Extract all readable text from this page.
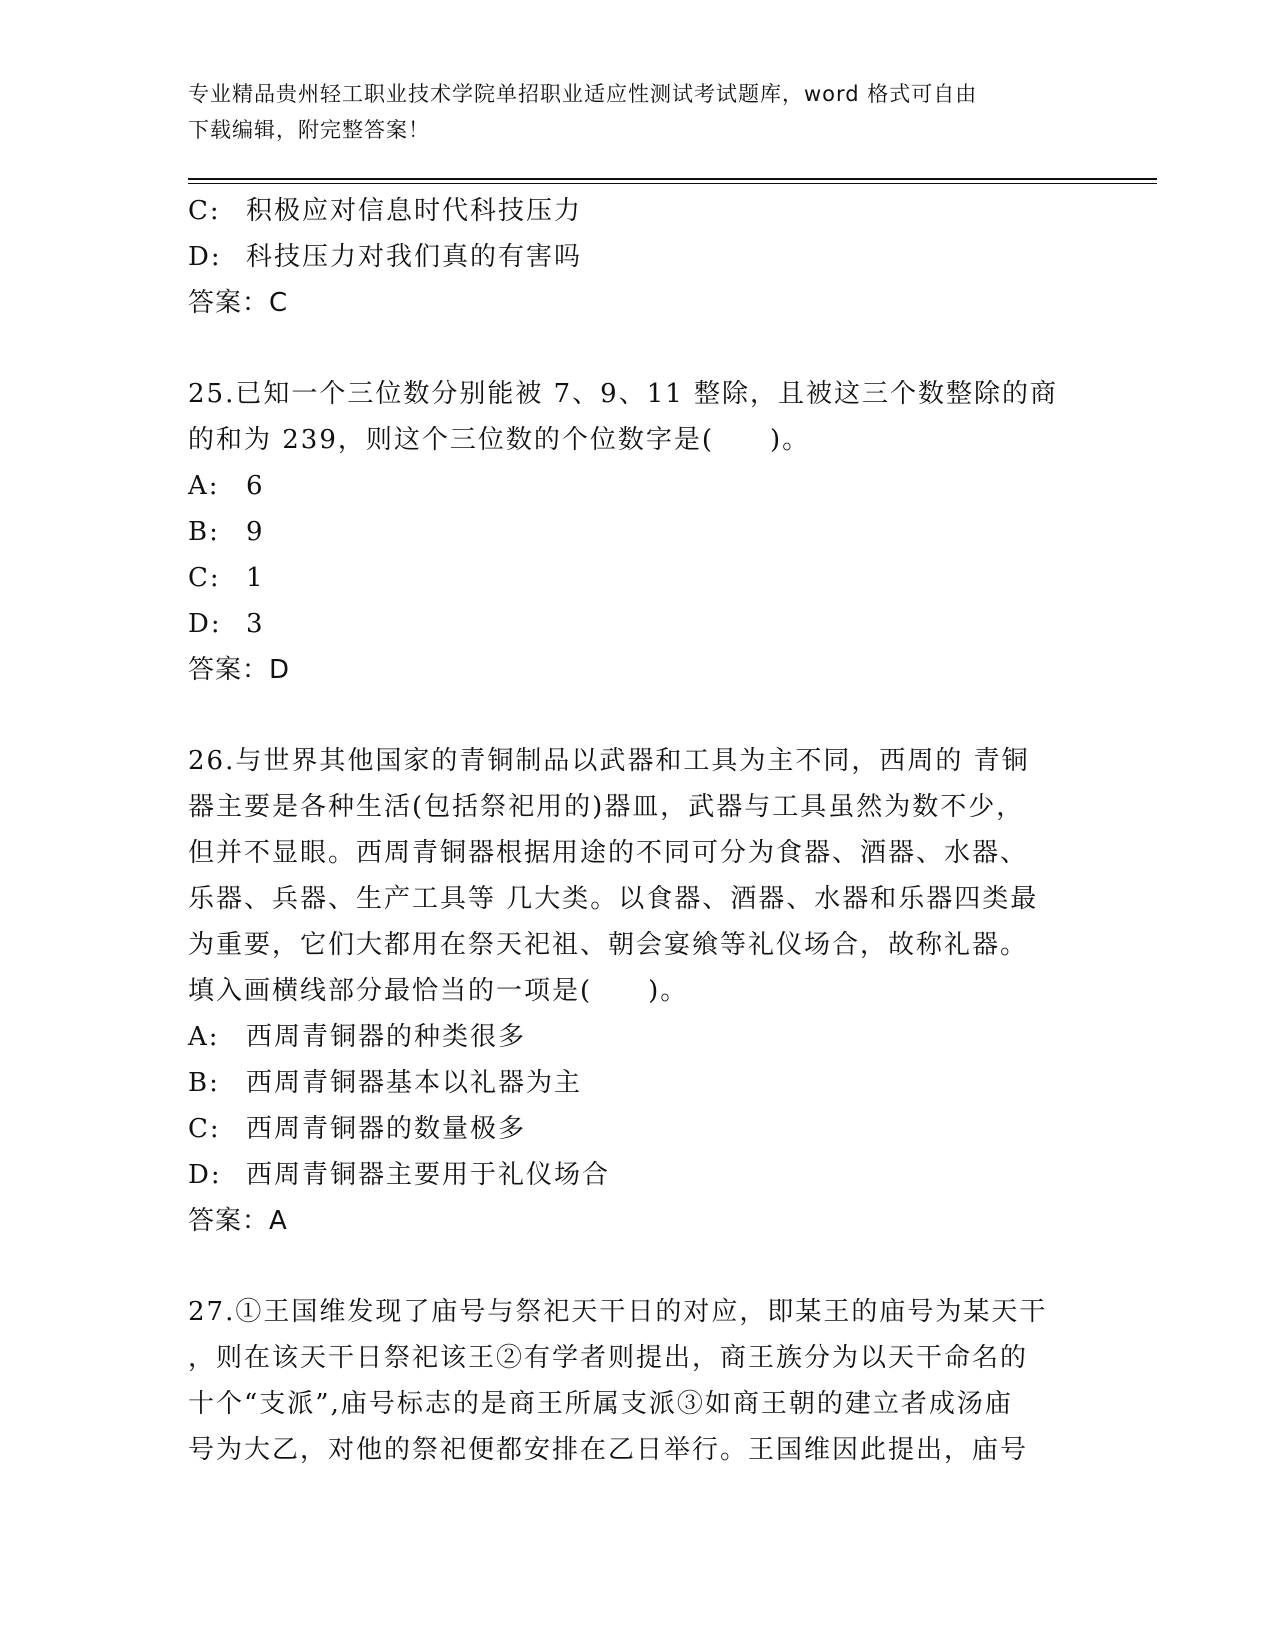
专业精品贵州轻工职业技术学院单招职业适应性测试考试题库，word 格式可自由
下载编辑，附完整答案！
C: 积极应对信息时代科技压力
D: 科技压力对我们真的有害吗
答案：C
25.已知一个三位数分别能被 7、9、11 整除，且被这三个数整除的商
的和为 239，则这个三位数的个位数字是(　　)。
A:	6
B:	9
C: 1
D: 3
答案：D
26.与世界其他国家的青铜制品以武器和工具为主不同，西周的 青铜
器主要是各种生活(包括祭祀用的)器皿，武器与工具虽然为数不少，
但并不显眼。西周青铜器根据用途的不同可分为食器、酒器、水器、
乐器、兵器、生产工具等 几大类。以食器、酒器、水器和乐器四类最
为重要，它们大都用在祭天祀祖、朝会宴飨等礼仪场合，故称礼器。
填入画横线部分最恰当的一项是(　　)。
A:	西周青铜器的种类很多
B:	西周青铜器基本以礼器为主
C: 西周青铜器的数量极多
D: 西周青铜器主要用于礼仪场合
答案：A
27.①王国维发现了庙号与祭祀天干日的对应，即某王的庙号为某天干
，则在该天干日祭祀该王②有学者则提出，商王族分为以天干命名的
十个“支派”,庙号标志的是商王所属支派③如商王朝的建立者成汤庙
号为大乙，对他的祭祀便都安排在乙日举行。王国维因此提出，庙号
